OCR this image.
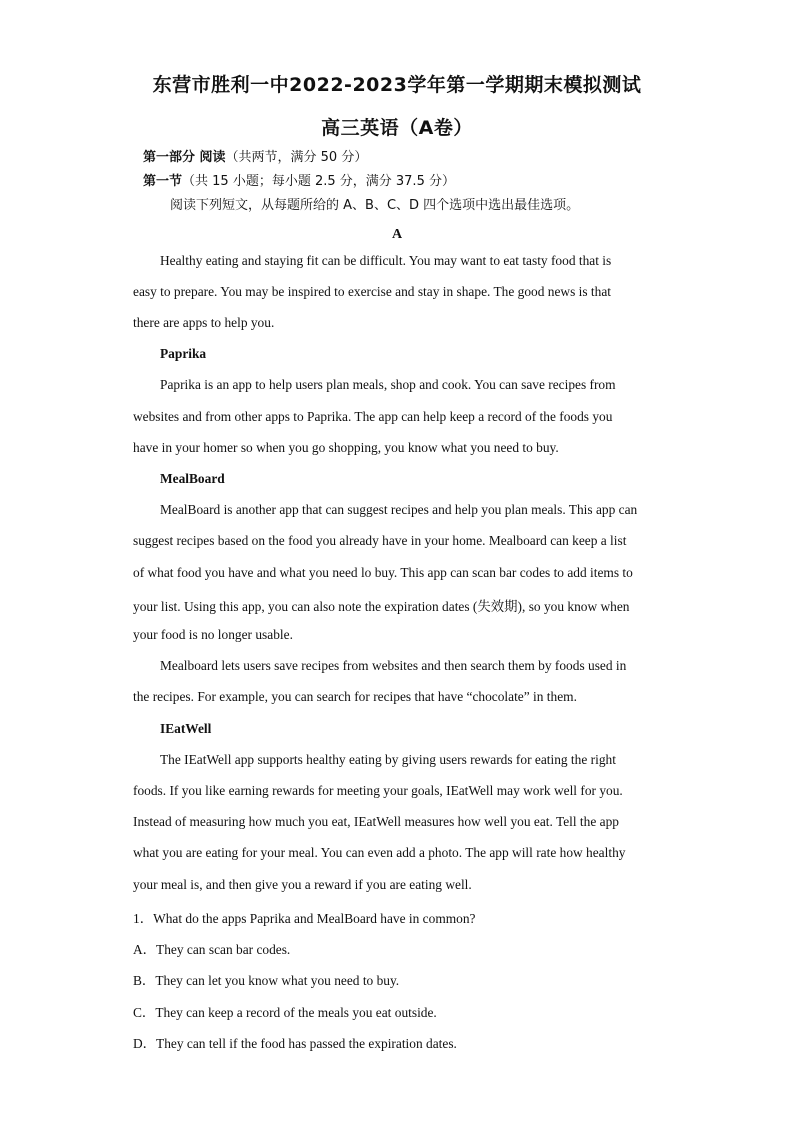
东营市胜利一中2022-2023学年第一学期期末模拟测试
高三英语（A卷）
第一部分 阅读（共两节，满分 50 分）
第一节（共 15 小题；每小题 2.5 分，满分 37.5 分）
阅读下列短文，从每题所给的 A、B、C、D 四个选项中选出最佳选项。
A
Healthy eating and staying fit can be difficult. You may want to eat tasty food that is
easy to prepare. You may be inspired to exercise and stay in shape. The good news is that
there are apps to help you.
Paprika
Paprika is an app to help users plan meals, shop and cook. You can save recipes from
websites and from other apps to Paprika. The app can help keep a record of the foods you
have in your homer so when you go shopping, you know what you need to buy.
MealBoard
MealBoard is another app that can suggest recipes and help you plan meals. This app can
suggest recipes based on the food you already have in your home. Mealboard can keep a list
of what food you have and what you need lo buy. This app can scan bar codes to add items to
your list. Using this app, you can also note the expiration dates (失效期), so you know when
your food is no longer usable.
Mealboard lets users save recipes from websites and then search them by foods used in
the recipes. For example, you can search for recipes that have “chocolate” in them.
IEatWell
The IEatWell app supports healthy eating by giving users rewards for eating the right
foods. If you like earning rewards for meeting your goals, IEatWell may work well for you.
Instead of measuring how much you eat, IEatWell measures how well you eat. Tell the app
what you are eating for your meal. You can even add a photo. The app will rate how healthy
your meal is, and then give you a reward if you are eating well.
1．What do the apps Paprika and MealBoard have in common?
A．They can scan bar codes.
B．They can let you know what you need to buy.
C．They can keep a record of the meals you eat outside.
D．They can tell if the food has passed the expiration dates.
